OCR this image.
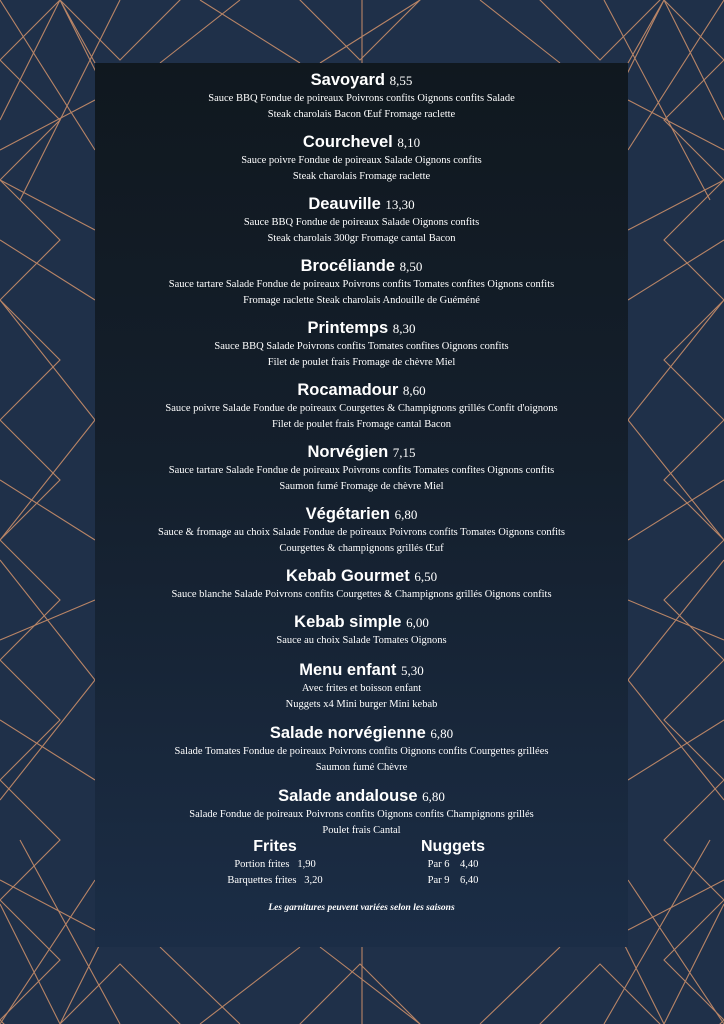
Savoyard 8,55
Sauce BBQ Fondue de poireaux Poivrons confits Oignons confits Salade
Steak charolais Bacon Œuf Fromage raclette
Courchevel 8,10
Sauce poivre Fondue de poireaux Salade Oignons confits
Steak charolais Fromage raclette
Deauville 13,30
Sauce BBQ Fondue de poireaux Salade Oignons confits
Steak charolais 300gr Fromage cantal Bacon
Brocéliande 8,50
Sauce tartare Salade Fondue de poireaux Poivrons confits Tomates confites Oignons confits
Fromage raclette Steak charolais Andouille de Guéméné
Printemps 8,30
Sauce BBQ Salade Poivrons confits Tomates confites Oignons confits
Filet de poulet frais Fromage de chèvre Miel
Rocamadour 8,60
Sauce poivre Salade Fondue de poireaux Courgettes & Champignons grillés Confit d'oignons
Filet de poulet frais Fromage cantal Bacon
Norvégien 7,15
Sauce tartare Salade Fondue de poireaux Poivrons confits Tomates confites Oignons confits
Saumon fumé Fromage de chèvre Miel
Végétarien 6,80
Sauce & fromage au choix Salade Fondue de poireaux Poivrons confits Tomates Oignons confits
Courgettes & champignons grillés Œuf
Kebab Gourmet 6,50
Sauce blanche Salade Poivrons confits Courgettes & Champignons grillés Oignons confits
Kebab simple 6,00
Sauce au choix Salade Tomates Oignons
Menu enfant 5,30
Avec frites et boisson enfant
Nuggets x4 Mini burger Mini kebab
Salade norvégienne 6,80
Salade Tomates Fondue de poireaux Poivrons confits Oignons confits Courgettes grillées
Saumon fumé Chèvre
Salade andalouse 6,80
Salade Fondue de poireaux Poivrons confits Oignons confits Champignons grillés
Poulet frais Cantal
Frites
Portion frites 1,90
Barquettes frites 3,20
Nuggets
Par 6 4,40
Par 9 6,40
Les garnitures peuvent variées selon les saisons
